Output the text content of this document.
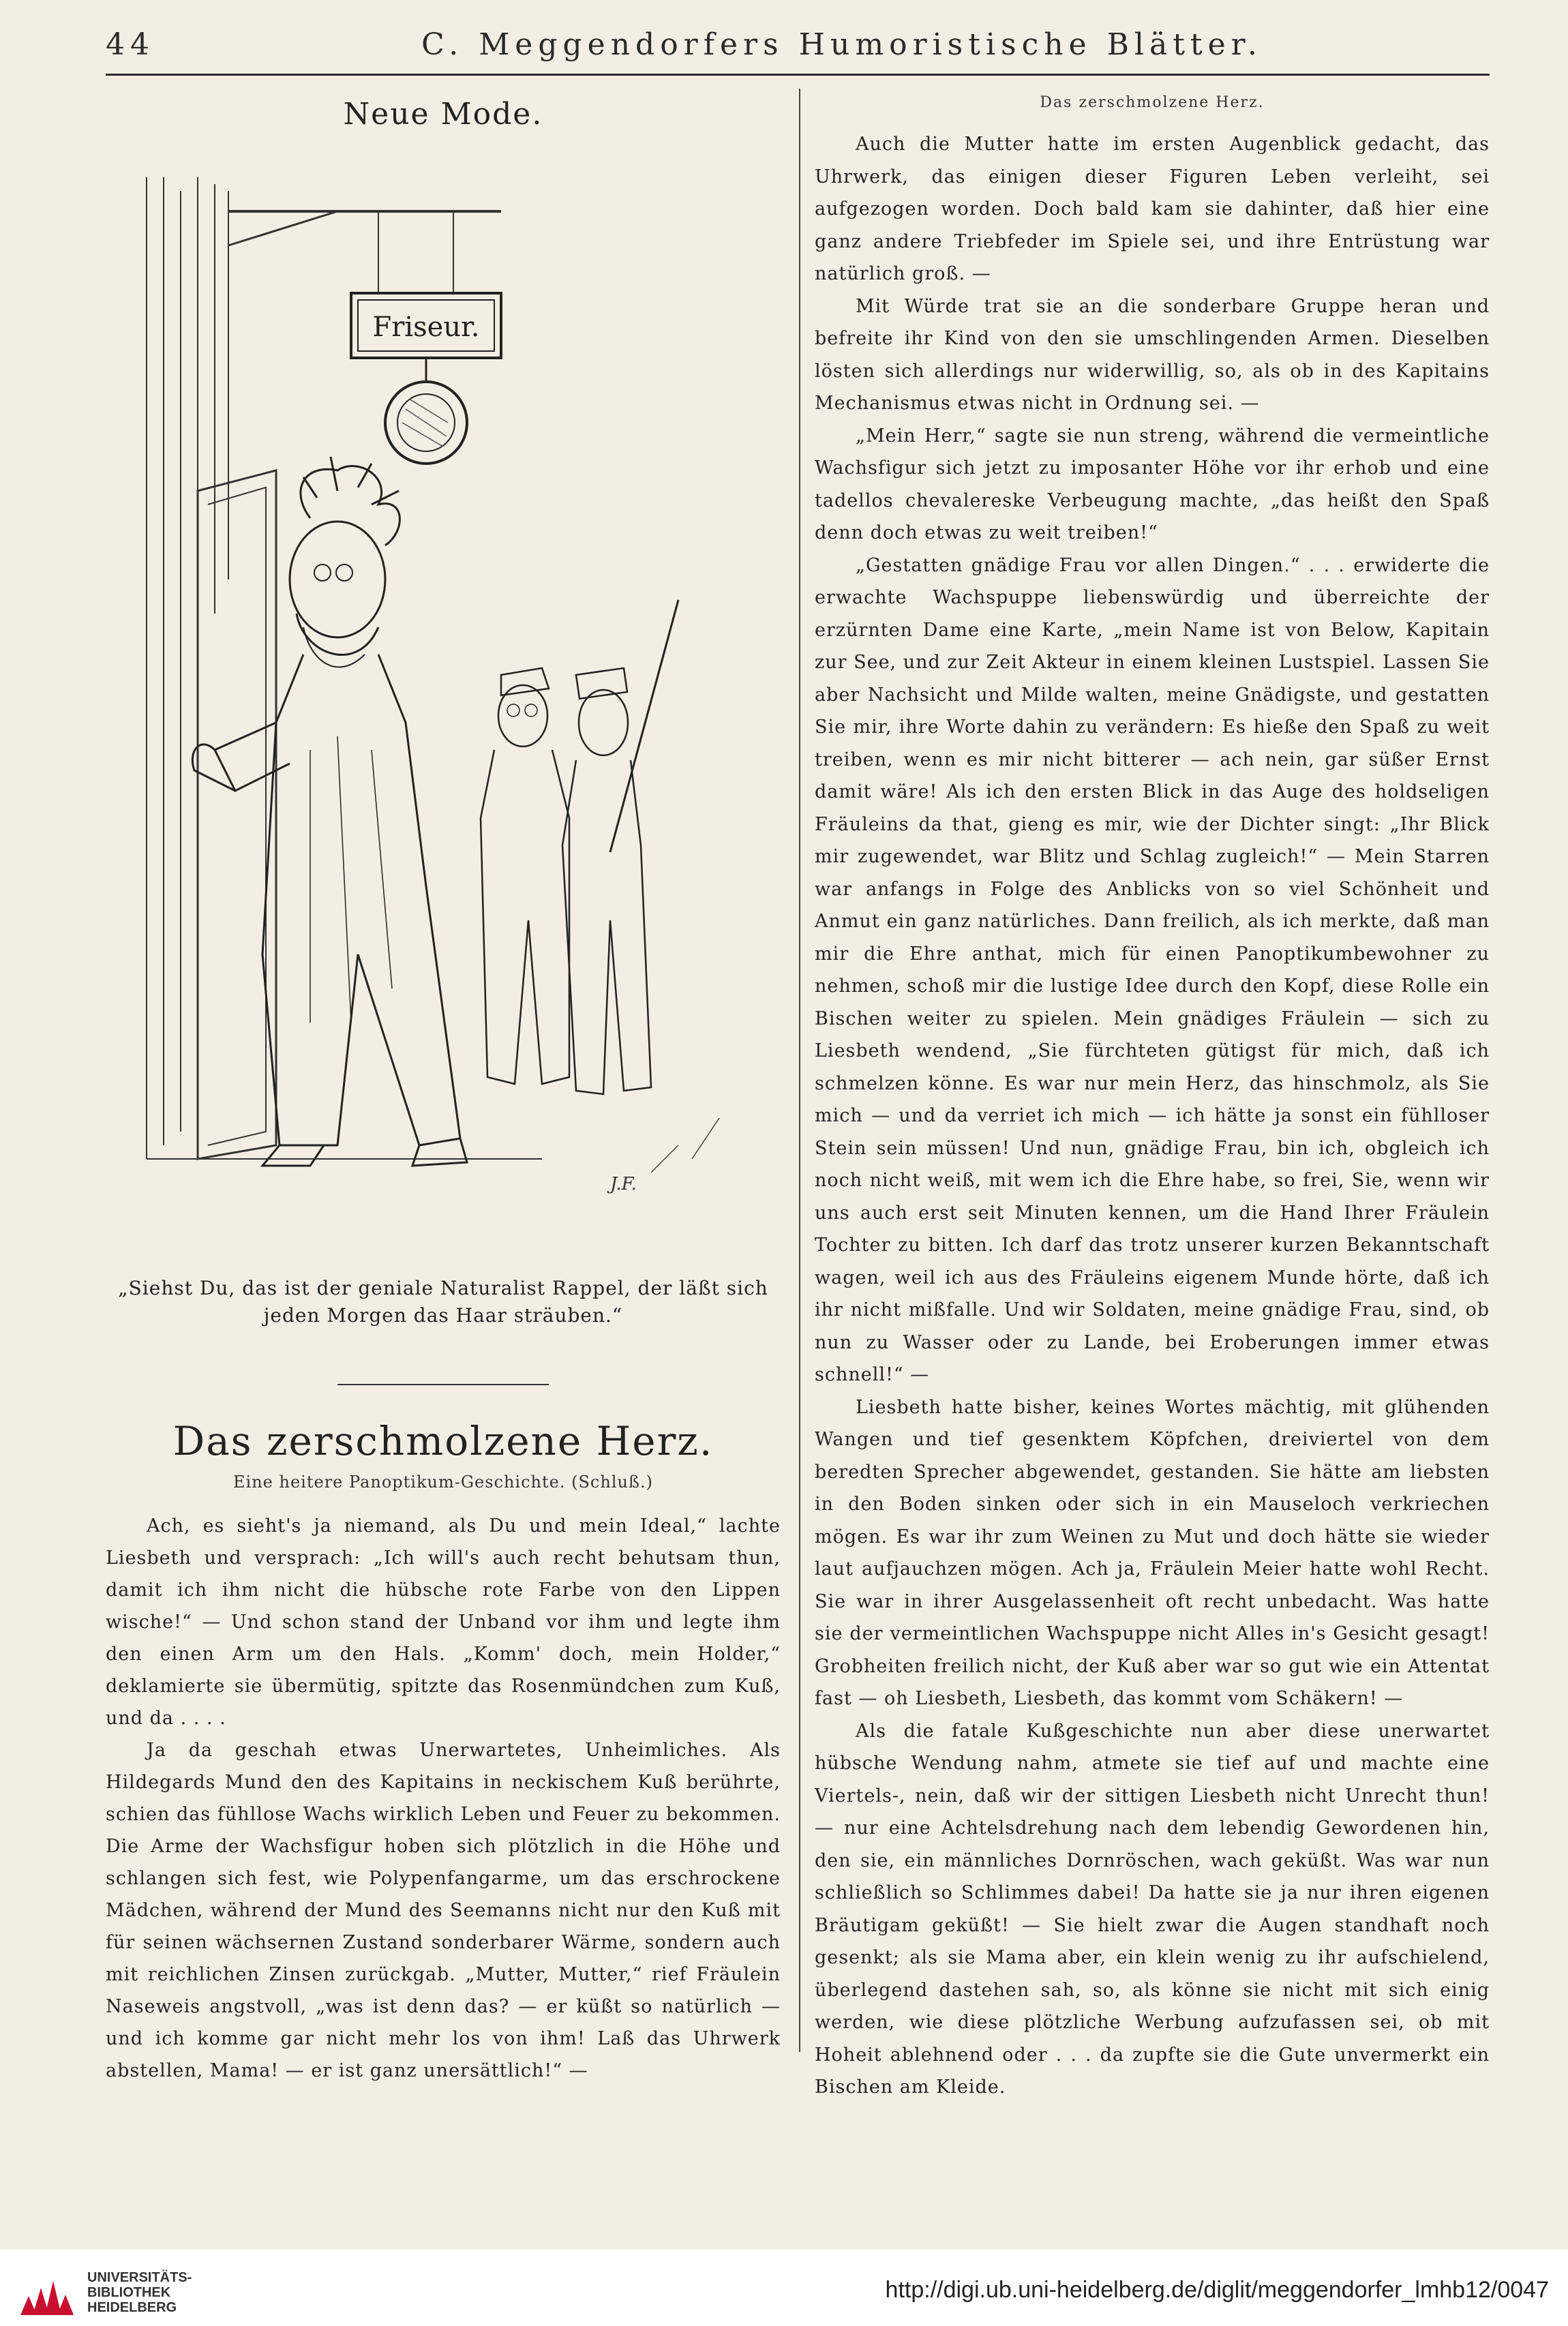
44	C. Meggendorfers Humoristische Blätter.
Neue Mode.
Friseur.
J.F.
„Siehst Du, das ist der geniale Naturalist Rappel, der läßt sich jeden Morgen das Haar sträuben.“
Das zerschmolzene Herz.
Eine heitere Panoptikum-Geschichte. (Schluß.)

Ach, es sieht's ja niemand, als Du und mein Ideal,“ lachte Liesbeth und versprach: „Ich will's auch recht behutsam thun, damit ich ihm nicht die hübsche rote Farbe von den Lippen wische!“ — Und schon stand der Unband vor ihm und legte ihm den einen Arm um den Hals. „Komm' doch, mein Holder,“ deklamierte sie übermütig, spitzte das Rosenmündchen zum Kuß, und da . . . .

Ja da geschah etwas Unerwartetes, Unheimliches. Als Hildegards Mund den des Kapitains in neckischem Kuß berührte, schien das fühllose Wachs wirklich Leben und Feuer zu bekommen. Die Arme der Wachsfigur hoben sich plötzlich in die Höhe und schlangen sich fest, wie Polypenfangarme, um das erschrockene Mädchen, während der Mund des Seemanns nicht nur den Kuß mit für seinen wächsernen Zustand sonderbarer Wärme, sondern auch mit reichlichen Zinsen zurückgab. „Mutter, Mutter,“ rief Fräulein Naseweis angstvoll, „was ist denn das? — er küßt so natürlich — und ich komme gar nicht mehr los von ihm! Laß das Uhrwerk abstellen, Mama! — er ist ganz unersättlich!“ —

Das zerschmolzene Herz.

Auch die Mutter hatte im ersten Augenblick gedacht, das Uhrwerk, das einigen dieser Figuren Leben verleiht, sei aufgezogen worden. Doch bald kam sie dahinter, daß hier eine ganz andere Triebfeder im Spiele sei, und ihre Entrüstung war natürlich groß. —

Mit Würde trat sie an die sonderbare Gruppe heran und befreite ihr Kind von den sie umschlingenden Armen. Dieselben lösten sich allerdings nur widerwillig, so, als ob in des Kapitains Mechanismus etwas nicht in Ordnung sei. —

„Mein Herr,“ sagte sie nun streng, während die vermeintliche Wachsfigur sich jetzt zu imposanter Höhe vor ihr erhob und eine tadellos chevalereske Verbeugung machte, „das heißt den Spaß denn doch etwas zu weit treiben!“

„Gestatten gnädige Frau vor allen Dingen.“ . . . erwiderte die erwachte Wachspuppe liebenswürdig und überreichte der erzürnten Dame eine Karte, „mein Name ist von Below, Kapitain zur See, und zur Zeit Akteur in einem kleinen Lustspiel. Lassen Sie aber Nachsicht und Milde walten, meine Gnädigste, und gestatten Sie mir, ihre Worte dahin zu verändern: Es hieße den Spaß zu weit treiben, wenn es mir nicht bitterer — ach nein, gar süßer Ernst damit wäre! Als ich den ersten Blick in das Auge des holdseligen Fräuleins da that, gieng es mir, wie der Dichter singt: „Ihr Blick mir zugewendet, war Blitz und Schlag zugleich!“ — Mein Starren war anfangs in Folge des Anblicks von so viel Schönheit und Anmut ein ganz natürliches. Dann freilich, als ich merkte, daß man mir die Ehre anthat, mich für einen Panoptikumbewohner zu nehmen, schoß mir die lustige Idee durch den Kopf, diese Rolle ein Bischen weiter zu spielen. Mein gnädiges Fräulein — sich zu Liesbeth wendend, „Sie fürchteten gütigst für mich, daß ich schmelzen könne. Es war nur mein Herz, das hinschmolz, als Sie mich — und da verriet ich mich — ich hätte ja sonst ein fühlloser Stein sein müssen! Und nun, gnädige Frau, bin ich, obgleich ich noch nicht weiß, mit wem ich die Ehre habe, so frei, Sie, wenn wir uns auch erst seit Minuten kennen, um die Hand Ihrer Fräulein Tochter zu bitten. Ich darf das trotz unserer kurzen Bekanntschaft wagen, weil ich aus des Fräuleins eigenem Munde hörte, daß ich ihr nicht mißfalle. Und wir Soldaten, meine gnädige Frau, sind, ob nun zu Wasser oder zu Lande, bei Eroberungen immer etwas schnell!“ —

Liesbeth hatte bisher, keines Wortes mächtig, mit glühenden Wangen und tief gesenktem Köpfchen, dreiviertel von dem beredten Sprecher abgewendet, gestanden. Sie hätte am liebsten in den Boden sinken oder sich in ein Mauseloch verkriechen mögen. Es war ihr zum Weinen zu Mut und doch hätte sie wieder laut aufjauchzen mögen. Ach ja, Fräulein Meier hatte wohl Recht. Sie war in ihrer Ausgelassenheit oft recht unbedacht. Was hatte sie der vermeintlichen Wachspuppe nicht Alles in's Gesicht gesagt! Grobheiten freilich nicht, der Kuß aber war so gut wie ein Attentat fast — oh Liesbeth, Liesbeth, das kommt vom Schäkern! —

Als die fatale Kußgeschichte nun aber diese unerwartet hübsche Wendung nahm, atmete sie tief auf und machte eine Viertels-, nein, daß wir der sittigen Liesbeth nicht Unrecht thun! — nur eine Achtelsdrehung nach dem lebendig Gewordenen hin, den sie, ein männliches Dornröschen, wach geküßt. Was war nun schließlich so Schlimmes dabei! Da hatte sie ja nur ihren eigenen Bräutigam geküßt! — Sie hielt zwar die Augen standhaft noch gesenkt; als sie Mama aber, ein klein wenig zu ihr aufschielend, überlegend dastehen sah, so, als könne sie nicht mit sich einig werden, wie diese plötzliche Werbung aufzufassen sei, ob mit Hoheit ablehnend oder . . . da zupfte sie die Gute unvermerkt ein Bischen am Kleide.

UNIVERSITÄTS-
BIBLIOTHEK
HEIDELBERG
http://digi.ub.uni-heidelberg.de/diglit/meggendorfer_lmhb12/0047
